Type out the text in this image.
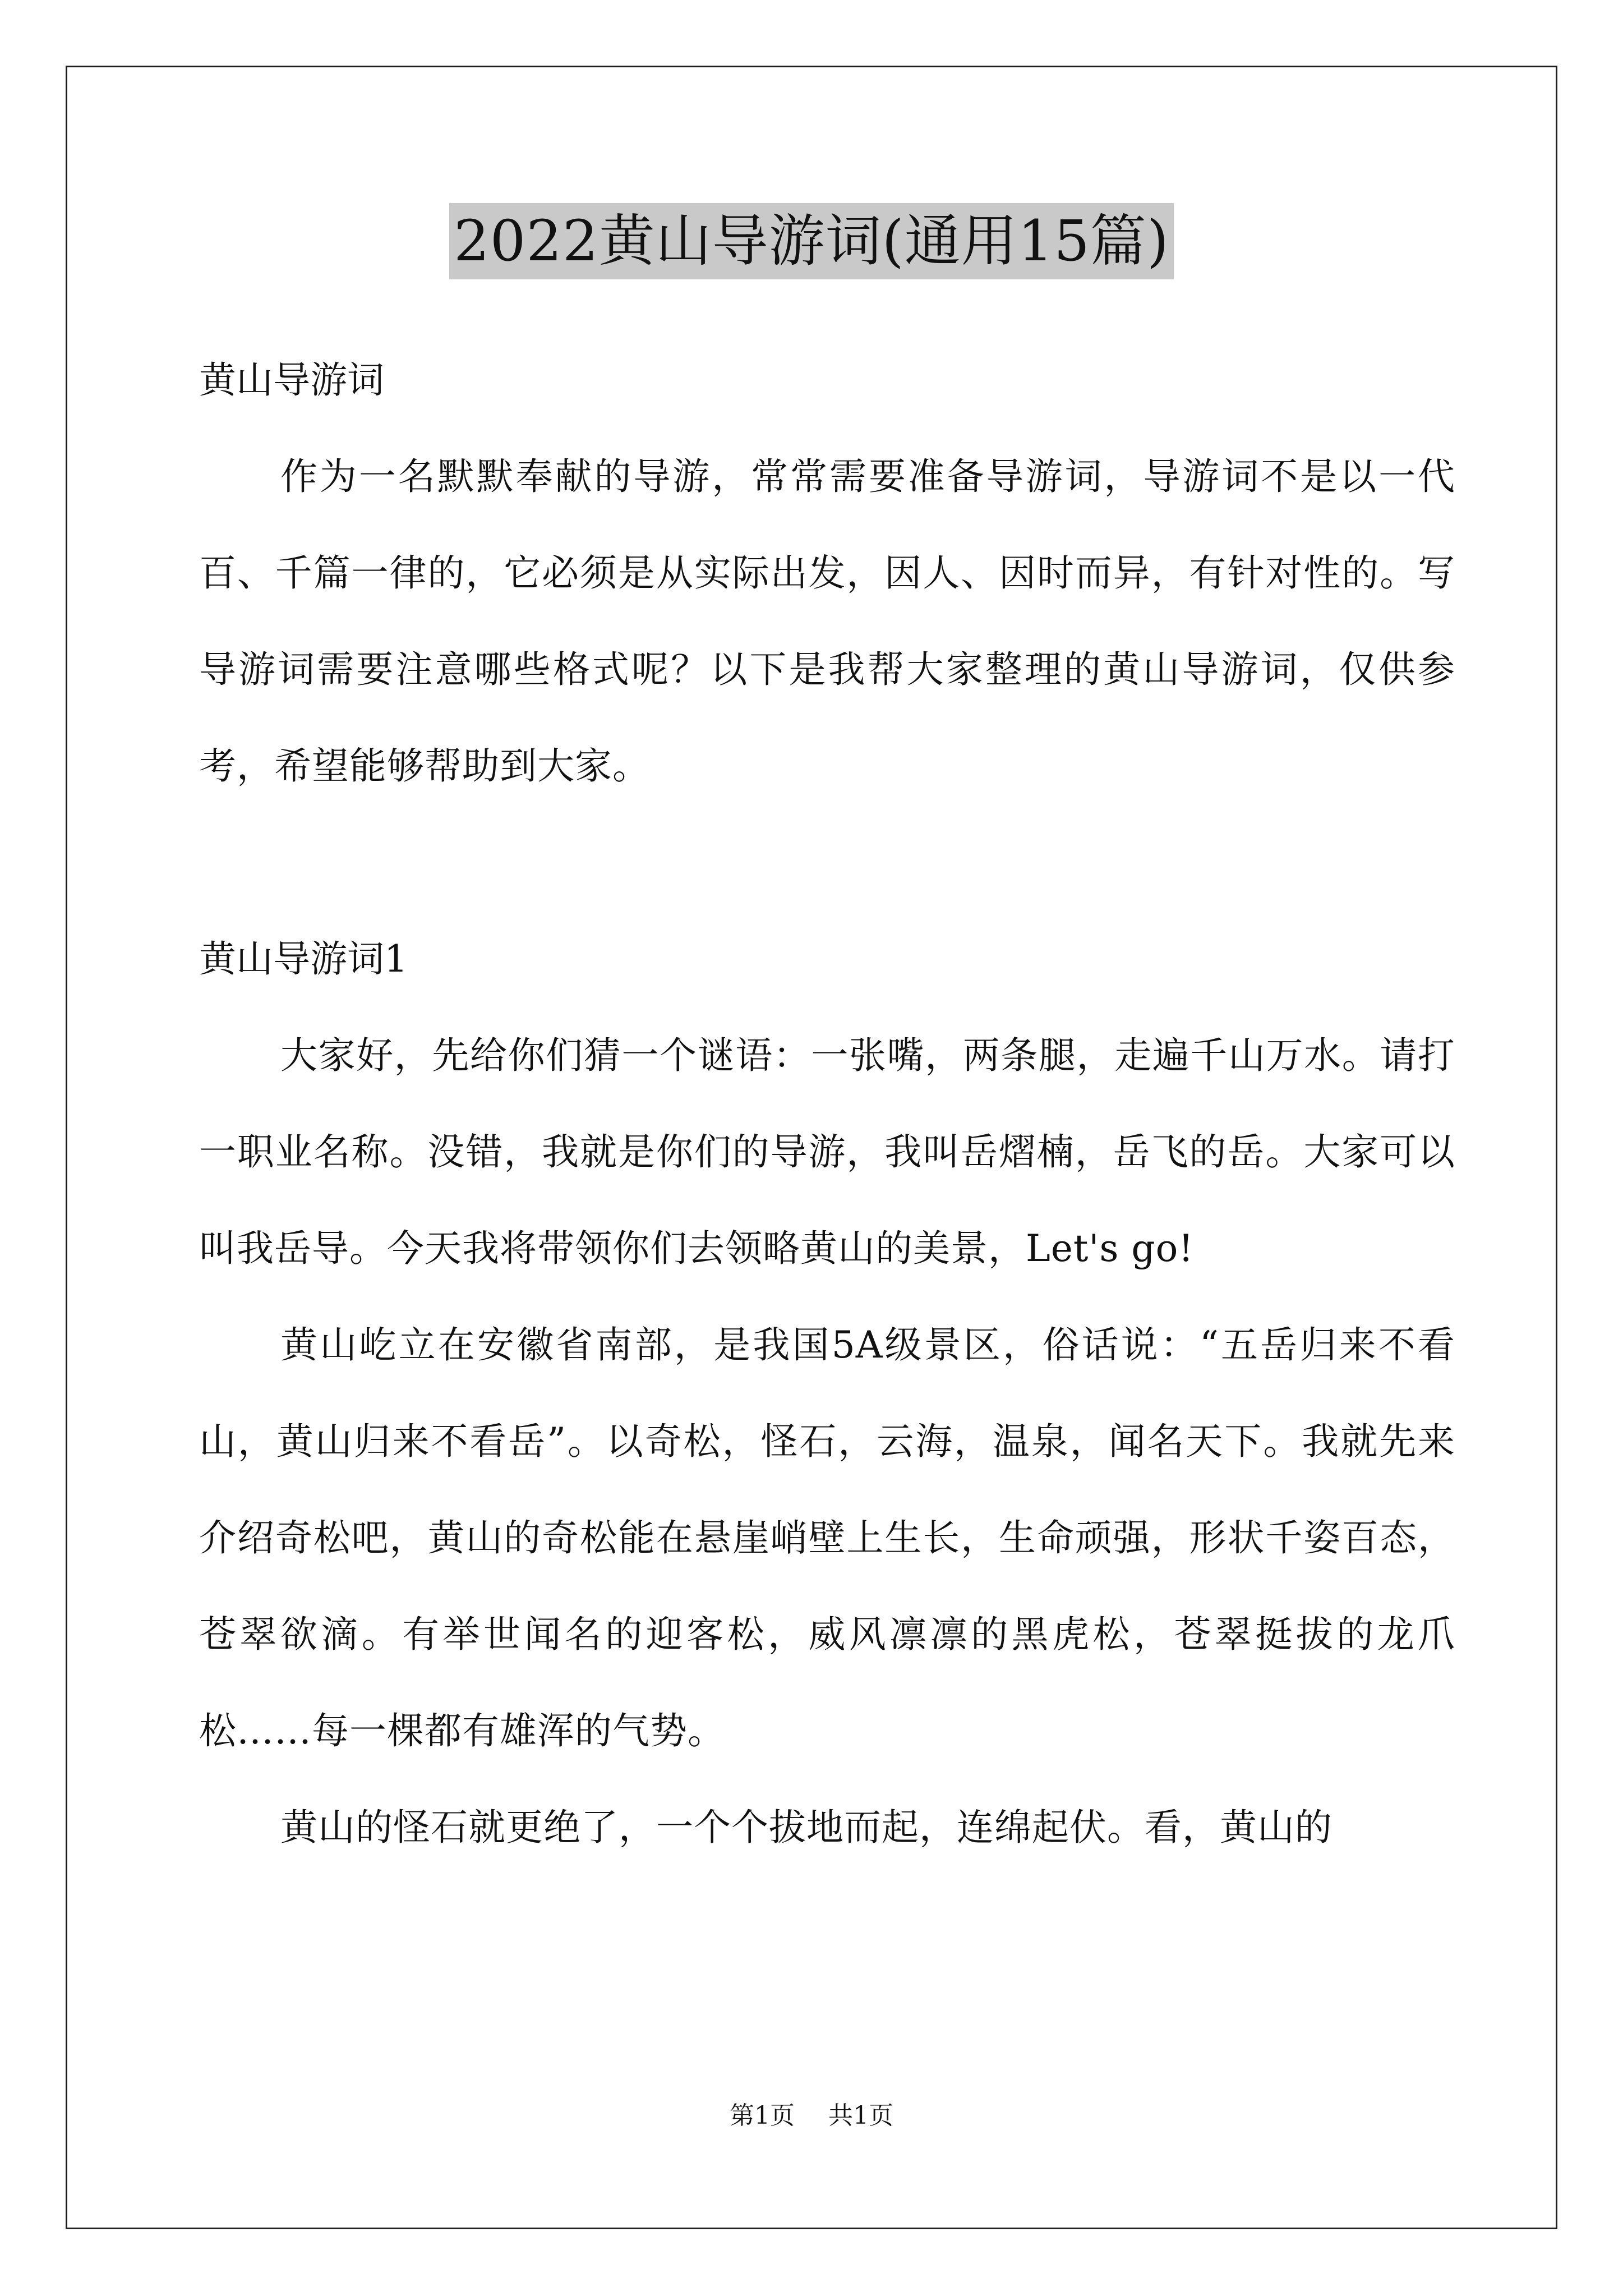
2022黄山导游词(通用15篇)

黄山导游词

作为一名默默奉献的导游，常常需要准备导游词，导游词不是以一代百、千篇一律的，它必须是从实际出发，因人、因时而异，有针对性的。写导游词需要注意哪些格式呢？以下是我帮大家整理的黄山导游词，仅供参考，希望能够帮助到大家。

黄山导游词1

大家好，先给你们猜一个谜语：一张嘴，两条腿，走遍千山万水。请打一职业名称。没错，我就是你们的导游，我叫岳熠楠，岳飞的岳。大家可以叫我岳导。今天我将带领你们去领略黄山的美景，Let's go!

黄山屹立在安徽省南部，是我国5A级景区，俗话说：“五岳归来不看山，黄山归来不看岳”。以奇松，怪石，云海，温泉，闻名天下。我就先来介绍奇松吧，黄山的奇松能在悬崖峭壁上生长，生命顽强，形状千姿百态，苍翠欲滴。有举世闻名的迎客松，威风凛凛的黑虎松，苍翠挺拔的龙爪松……每一棵都有雄浑的气势。

黄山的怪石就更绝了，一个个拔地而起，连绵起伏。看，黄山的

第1页 共1页
